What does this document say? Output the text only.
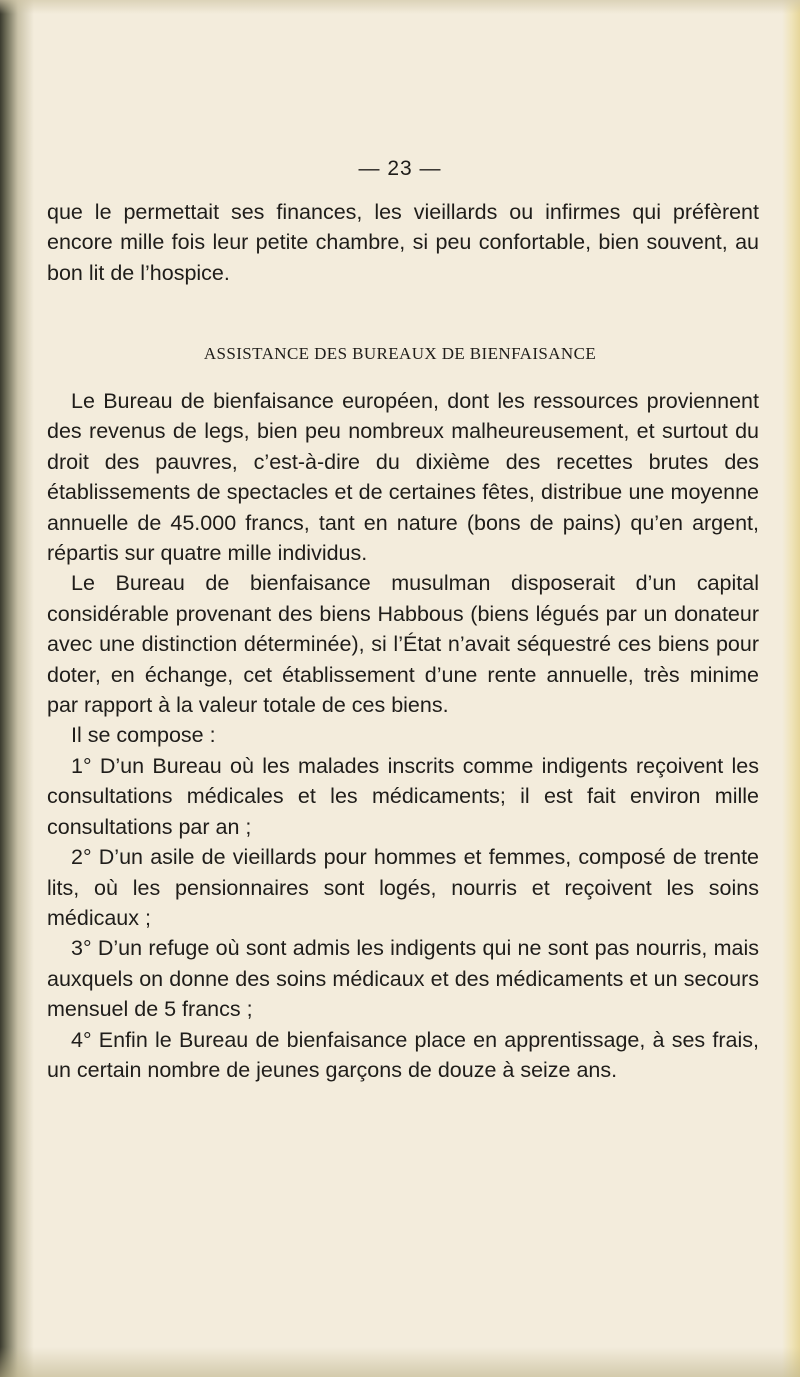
— 23 —

que le permettait ses finances, les vieillards ou infirmes qui préfèrent encore mille fois leur petite chambre, si peu confortable, bien souvent, au bon lit de l’hospice.

ASSISTANCE DES BUREAUX DE BIENFAISANCE

Le Bureau de bienfaisance européen, dont les ressources proviennent des revenus de legs, bien peu nombreux malheureusement, et surtout du droit des pauvres, c’est-à-dire du dixième des recettes brutes des établissements de spectacles et de certaines fêtes, distribue une moyenne annuelle de 45.000 francs, tant en nature (bons de pains) qu’en argent, répartis sur quatre mille individus.

Le Bureau de bienfaisance musulman disposerait d’un capital considérable provenant des biens Habbous (biens légués par un donateur avec une distinction déterminée), si l’État n’avait séquestré ces biens pour doter, en échange, cet établissement d’une rente annuelle, très minime par rapport à la valeur totale de ces biens.

Il se compose :

1° D’un Bureau où les malades inscrits comme indigents reçoivent les consultations médicales et les médicaments; il est fait environ mille consultations par an ;

2° D’un asile de vieillards pour hommes et femmes, composé de trente lits, où les pensionnaires sont logés, nourris et reçoivent les soins médicaux ;

3° D’un refuge où sont admis les indigents qui ne sont pas nourris, mais auxquels on donne des soins médicaux et des médicaments et un secours mensuel de 5 francs ;

4° Enfin le Bureau de bienfaisance place en apprentissage, à ses frais, un certain nombre de jeunes garçons de douze à seize ans.
